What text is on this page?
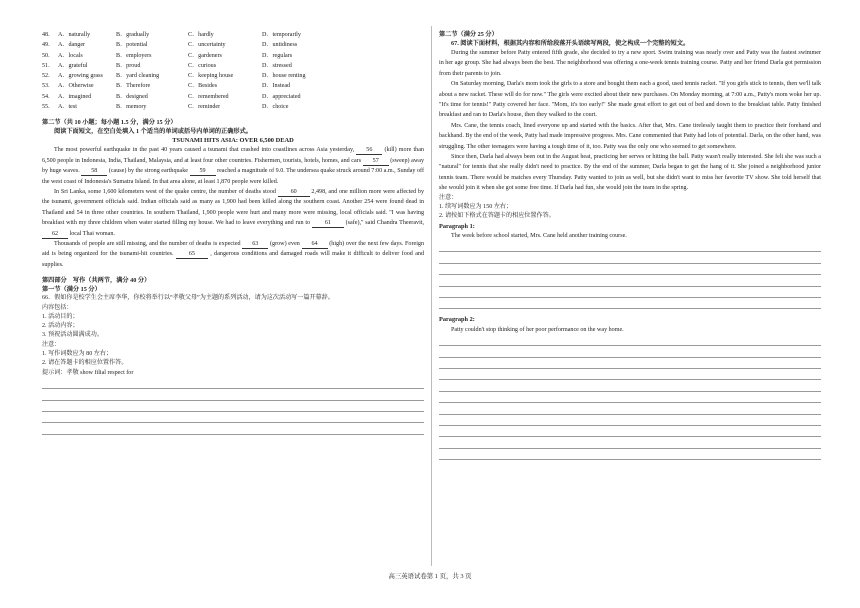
48.	A．naturally	B．gradually	C．hardly	D．temporarily
49.	A．danger	B．potential	C．uncertainty	D．untidiness
50.	A．locals	B．employers	C．gardeners	D．regulars
51.	A．grateful	B．proud	C．curious	D．stressed
52.	A．growing grass	B．yard cleaning	C．keeping house	D．house renting
53.	A．Otherwise	B．Therefore	C．Besides	D．Instead
54.	A．imagined	B．designed	C．remembered	D．appreciated
55.	A．test	B．memory	C．reminder	D．choice
第二节（共 10 小题；每小题 1.5 分，满分 15 分）
阅读下面短文，在空白处填入 1 个适当的单词或括号内单词的正确形式。
TSUNAMI HITS ASIA: OVER 6,500 DEAD

The most powerful earthquake in the past 40 years caused a tsunami that crashed into coastlines across Asia yesterday, 56 (kill) more than 6,500 people in Indonesia, India, Thailand, Malaysia, and at least four other countries. Fishermen, tourists, hotels, homes, and cars 57 (sweep) away by huge waves. 58 (cause) by the strong earthquake 59 reached a magnitude of 9.0. The undersea quake struck around 7:00 a.m., Sunday off the west coast of Indonesia's Sumatra Island. In that area alone, at least 1,870 people were killed.

In Sri Lanka, some 1,600 kilometers west of the quake centre, the number of deaths stood 60 2,498, and one million more were affected by the tsunami, government officials said. Indian officials said as many as 1,900 had been killed along the southern coast. Another 254 were found dead in Thailand and 54 in three other countries. In southern Thailand, 1,900 people were hurt and many more were missing, local officials said. "I was having breakfast with my three children when water started filling my house. We had to leave everything and run to 61 (safe)," said Chandra Theeravit, 62 local Thai woman.

Thousands of people are still missing, and the number of deaths is expected 63 (grow) even 64 (high) over the next few days. Foreign aid is being organized for the tsunami-hit countries.	65	, dangerous conditions and damaged roads will make it difficult to deliver food and supplies.

第四部分　写作（共两节，满分 40 分）
第一节（满分 15 分）
66．假如你是校学生会主席李华，你校将举行以“孝敬父母”为主题的系列活动，请为这次活动写一篇开幕辞。
内容包括：
1. 活动目的；
2. 活动内容；
3. 预祝活动圆满成功。
注意：
1. 写作词数应为 80 左右；
2. 请在答题卡的相应位置作答。
提示词：孝敬 show filial respect for
第二节（满分 25 分）
67. 阅读下面材料，根据其内容和所给段落开头语续写两段，使之构成一个完整的短文。

During the summer before Patty entered fifth grade, she decided to try a new sport. Swim training was nearly over and Patty was the fastest swimmer in her age group. She had always been the best. The neighborhood was offering a one-week tennis training course. Patty and her friend Darla got permission from their parents to join.

On Saturday morning, Darla's mom took the girls to a store and bought them each a good, used tennis racket. "If you girls stick to tennis, then we'll talk about a new racket. These will do for now." The girls were excited about their new purchases. On Monday morning, at 7:00 a.m., Patty's mom woke her up. "It's time for tennis!" Patty covered her face. "Mom, it's too early!" She made great effort to get out of bed and down to the breakfast table. Patty finished breakfast and ran to Darla's house, then they walked to the court.

Mrs. Cane, the tennis coach, lined everyone up and started with the basics. After that, Mrs. Cane tirelessly taught them to practice their forehand and backhand. By the end of the week, Patty had made impressive progress. Mrs. Cane commented that Patty had lots of potential. Darla, on the other hand, was struggling. The other teenagers were having a tough time of it, too. Patty was the only one who seemed to get somewhere.

Since then, Darla had always been out in the August heat, practicing her serves or hitting the ball. Patty wasn't really interested. She felt she was such a "natural" for tennis that she really didn't need to practice. By the end of the summer, Darla began to get the hang of it. She joined a neighborhood junior tennis team. There would be matches every Thursday. Patty wanted to join as well, but she didn't want to miss her favorite TV show. She told herself that she would join it when she got some free time. If Darla had fun, she would join the team in the spring.

注意：
1. 续写词数应为 150 左右；
2. 请按如下格式在答题卡的相应位置作答。
Paragraph 1:
The week before school started, Mrs. Cane held another training course.
Paragraph 2:
Patty couldn't stop thinking of her poor performance on the way home.
高三英语试卷第 1 页，共 3 页
